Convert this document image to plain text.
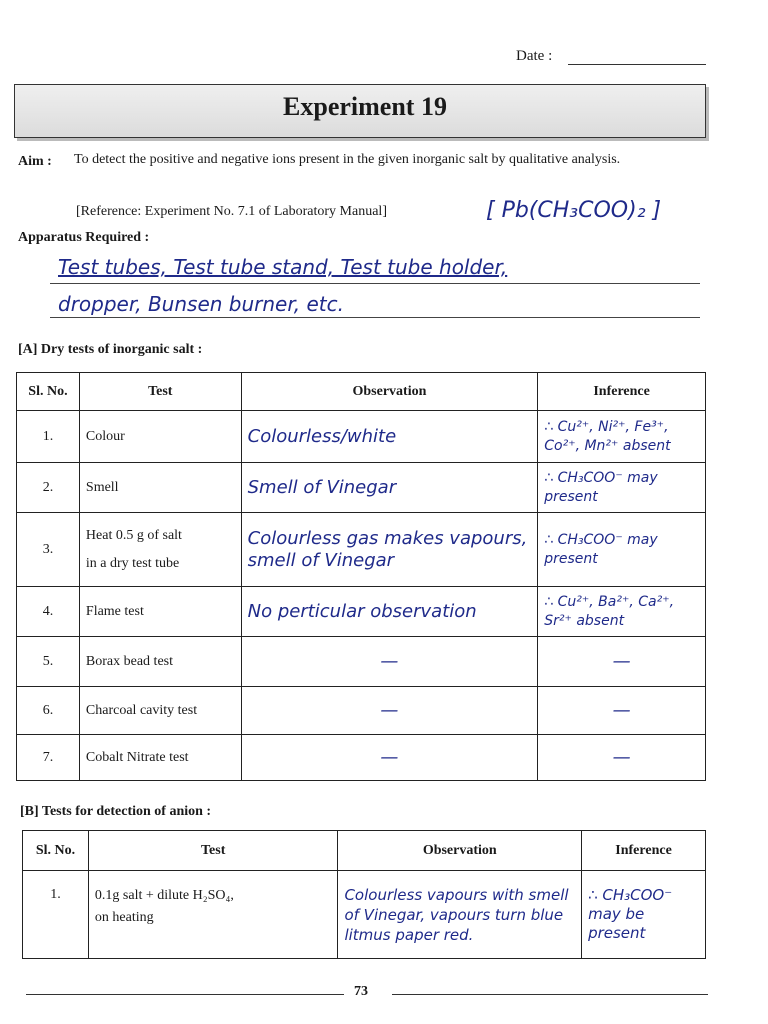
Date :
Experiment 19
Aim : To detect the positive and negative ions present in the given inorganic salt by qualitative analysis.
[Reference: Experiment No. 7.1 of Laboratory Manual]	[ Pb(CH₃COO)₂ ]
Apparatus Required :
Test tubes, Test tube stand, Test tube holder,
dropper, Bunsen burner, etc.
[A] Dry tests of inorganic salt :
Sl. No.	Test	Observation	Inference
1.	Colour	Colourless/white	∴ Cu²⁺, Ni²⁺, Fe³⁺, Co²⁺, Mn²⁺ absent
2.	Smell	Smell of Vinegar	∴ CH₃COO⁻ may present
3.	Heat 0.5 g of salt
in a dry test tube	Colourless gas makes vapours, smell of Vinegar	∴ CH₃COO⁻ may present
4.	Flame test	No perticular observation	∴ Cu²⁺, Ba²⁺, Ca²⁺, Sr²⁺ absent
5.	Borax bead test	—	—
6.	Charcoal cavity test	—	—
7.	Cobalt Nitrate test	—	—
[B] Tests for detection of anion :
Sl. No.	Test	Observation	Inference
1.	0.1g salt + dilute H₂SO₄,
on heating	Colourless vapours with smell of Vinegar, vapours turn blue litmus paper red.	∴ CH₃COO⁻ may be present
73
